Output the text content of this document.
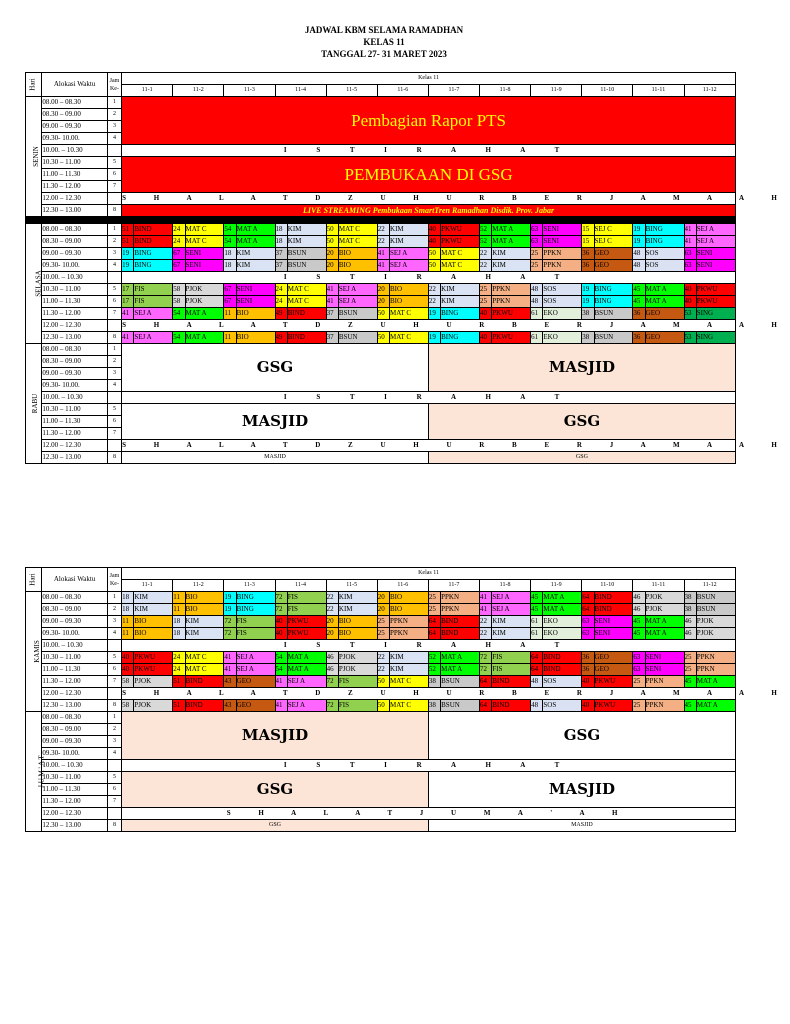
JADWAL KBM SELAMA RAMADHAN
KELAS 11
TANGGAL 27- 31 MARET 2023
Hari	Alokasi Waktu	Jam Ke-	Kelas 11																							
			11-1		11-2		11-3		11-4		11-5		11-6		11-7		11-8		11-9		11-10		11-11		11-12	
SENIN	08.00 – 08.30	1	Pembagian Rapor PTS																							
	08.30 – 09.00	2																								
	09.00 – 09.30	3																								
	09.30- 10.00.	4																								
	10.00. – 10.30		I S T I R A H A T																							
	10.30 – 11.00	5	PEMBUKAAN DI GSG																							
	11.00 – 11.30	6																								
	11.30 – 12.00	7																								
	12.00 – 12.30		S H A L A T D Z U H U R B E R J A M A A H																							
	12.30 – 13.00	8	LIVE STREAMING Pembukaan SmartTren Ramadhan Disdik. Prov. Jabar																							

SELASA	08.00 – 08.30	1	51	BIND	24	MAT C	54	MAT A	18	KIM	50	MAT C	22	KIM	40	PKWU	52	MAT A	63	SENI	15	SEJ C	19	BING	41	SEJ A
	08.30 – 09.00	2	51	BIND	24	MAT C	54	MAT A	18	KIM	50	MAT C	22	KIM	40	PKWU	52	MAT A	63	SENI	15	SEJ C	19	BING	41	SEJ A
	09.00 – 09.30	3	19	BING	67	SENI	18	KIM	37	BSUN	20	BIO	41	SEJ A	50	MAT C	22	KIM	25	PPKN	36	GEO	48	SOS	63	SENI
	09.30- 10.00.	4	19	BING	67	SENI	18	KIM	37	BSUN	20	BIO	41	SEJ A	50	MAT C	22	KIM	25	PPKN	36	GEO	48	SOS	63	SENI
	10.00. – 10.30		I S T I R A H A T																							
	10.30 – 11.00	5	17	FIS	58	PJOK	67	SENI	24	MAT C	41	SEJ A	20	BIO	22	KIM	25	PPKN	48	SOS	19	BING	45	MAT A	40	PKWU
	11.00 – 11.30	6	17	FIS	58	PJOK	67	SENI	24	MAT C	41	SEJ A	20	BIO	22	KIM	25	PPKN	48	SOS	19	BING	45	MAT A	40	PKWU
	11.30 – 12.00	7	41	SEJ A	54	MAT A	11	BIO	49	BIND	37	BSUN	50	MAT C	19	BING	40	PKWU	61	EKO	38	BSUN	36	GEO	53	SING
	12.00 – 12.30		S H A L A T D Z U H U R B E R J A M A A H																							
	12.30 – 13.00	8	41	SEJ A	54	MAT A	11	BIO	49	BIND	37	BSUN	50	MAT C	19	BING	40	PKWU	61	EKO	38	BSUN	36	GEO	53	SING
RABU	08.00 – 08.30	1	GSG												MASJID											
	08.30 – 09.00	2																								
	09.00 – 09.30	3																								
	09.30- 10.00.	4																								
	10.00. – 10.30		I S T I R A H A T																							
	10.30 – 11.00	5	MASJID												GSG											
	11.00 – 11.30	6																								
	11.30 – 12.00	7																								
	12.00 – 12.30		S H A L A T D Z U H U R B E R J A M A A H																							
	12.30 – 13.00	8	MASJID												GSG											
Hari	Alokasi Waktu	Jam Ke-	Kelas 11																							
			11-1		11-2		11-3		11-4		11-5		11-6		11-7		11-8		11-9		11-10		11-11		11-12	
KAMIS	08.00 – 08.30	1	18	KIM	11	BIO	19	BING	72	FIS	22	KIM	20	BIO	25	PPKN	41	SEJ A	45	MAT A	64	BIND	46	PJOK	38	BSUN
	08.30 – 09.00	2	18	KIM	11	BIO	19	BING	72	FIS	22	KIM	20	BIO	25	PPKN	41	SEJ A	45	MAT A	64	BIND	46	PJOK	38	BSUN
	09.00 – 09.30	3	11	BIO	18	KIM	72	FIS	40	PKWU	20	BIO	25	PPKN	64	BIND	22	KIM	61	EKO	63	SENI	45	MAT A	46	PJOK
	09.30- 10.00.	4	11	BIO	18	KIM	72	FIS	40	PKWU	20	BIO	25	PPKN	64	BIND	22	KIM	61	EKO	63	SENI	45	MAT A	46	PJOK
	10.00. – 10.30		I S T I R A H A T																							
	10.30 – 11.00	5	40	PKWU	24	MAT C	41	SEJ A	54	MAT A	46	PJOK	22	KIM	52	MAT A	72	FIS	64	BIND	36	GEO	63	SENI	25	PPKN
	11.00 – 11.30	6	40	PKWU	24	MAT C	41	SEJ A	54	MAT A	46	PJOK	22	KIM	52	MAT A	72	FIS	64	BIND	36	GEO	63	SENI	25	PPKN
	11.30 – 12.00	7	58	PJOK	51	BIND	43	GEO	41	SEJ A	72	FIS	50	MAT C	38	BSUN	64	BIND	48	SOS	40	PKWU	25	PPKN	45	MAT A
	12.00 – 12.30		S H A L A T D Z U H U R B E R J A M A A H																							
	12.30 – 13.00	8	58	PJOK	51	BIND	43	GEO	41	SEJ A	72	FIS	50	MAT C	38	BSUN	64	BIND	48	SOS	40	PKWU	25	PPKN	45	MAT A
J U M ' A T	08.00 – 08.30	1	MASJID												GSG											
	08.30 – 09.00	2																								
	09.00 – 09.30	3																								
	09.30- 10.00.	4																								
	10.00. – 10.30		I S T I R A H A T																							
	10.30 – 11.00	5	GSG												MASJID											
	11.00 – 11.30	6																								
	11.30 – 12.00	7																								
	12.00 – 12.30		S H A L A T J U M A ' A H																							
	12.30 – 13.00	8	GSG												MASJID											
